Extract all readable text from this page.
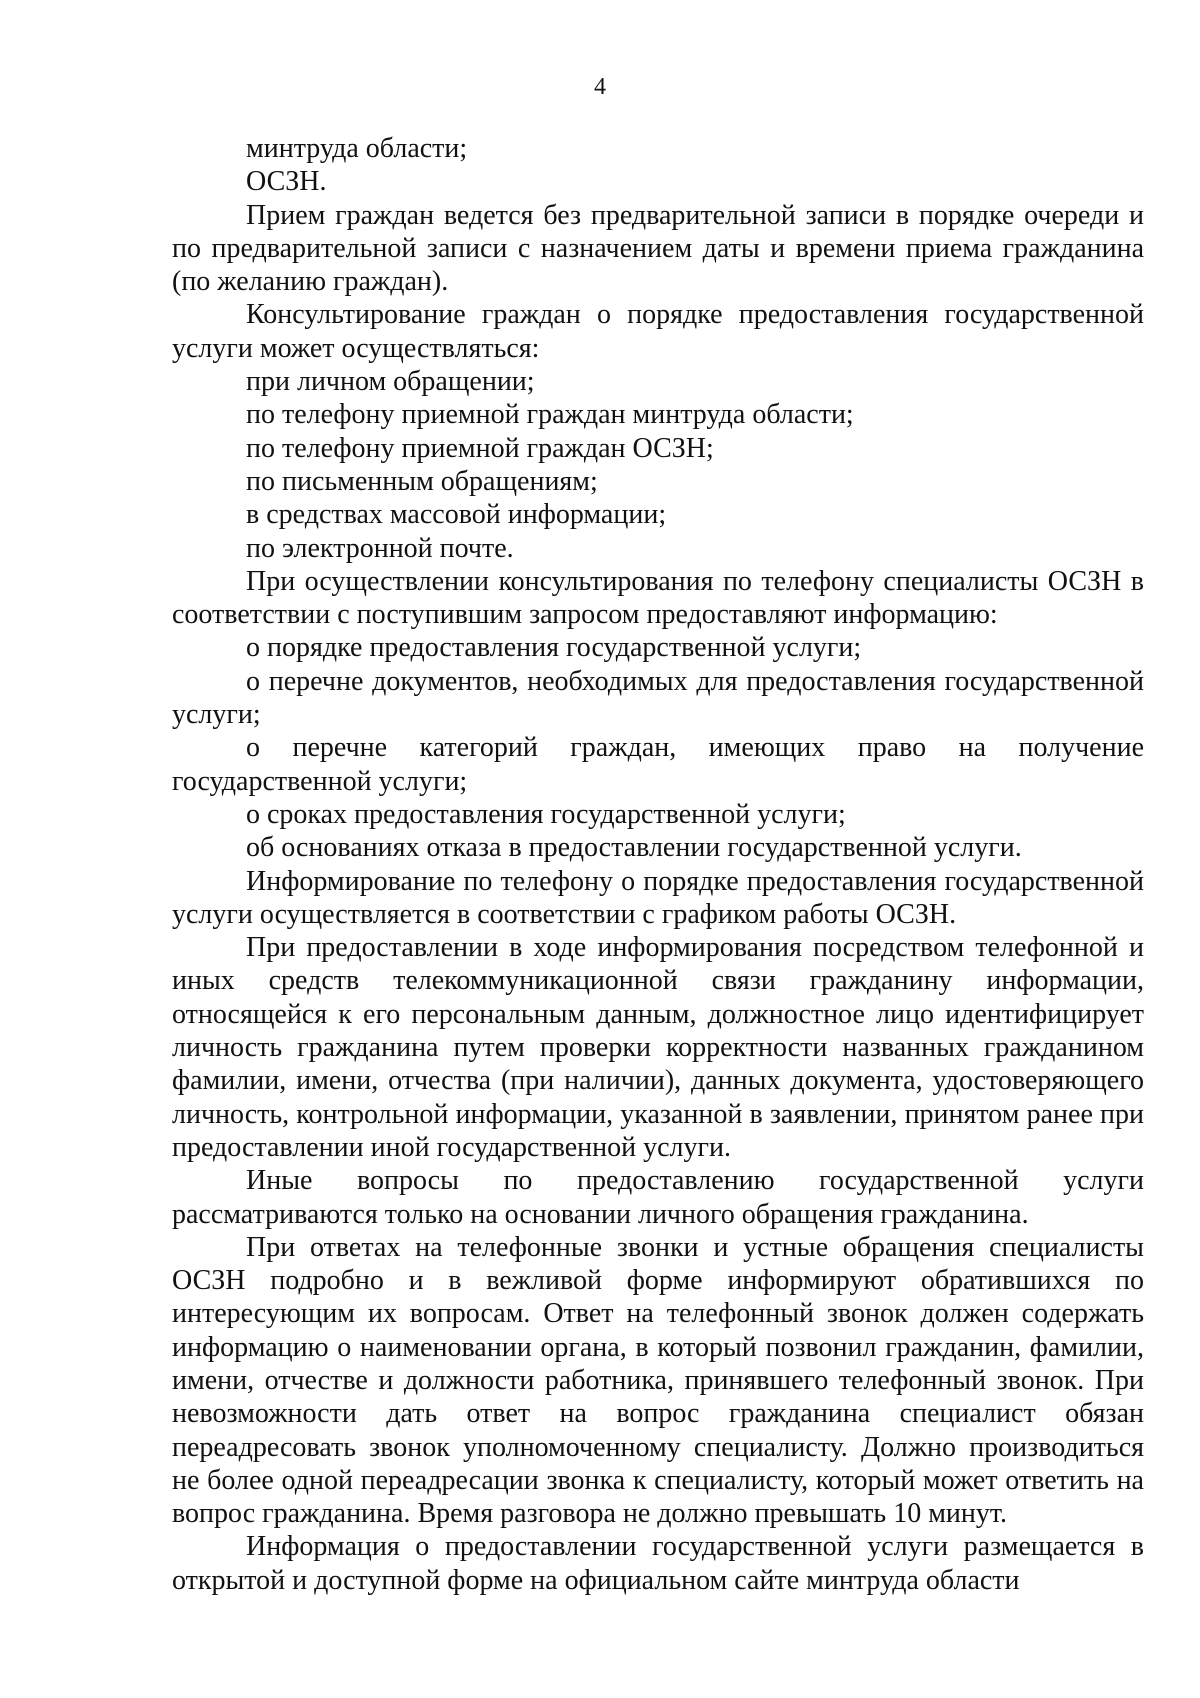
4

минтруда области;

ОСЗН.

Прием граждан ведется без предварительной записи в порядке очереди и по предварительной записи с назначением даты и времени приема гражданина (по желанию граждан).

Консультирование граждан о порядке предоставления государственной услуги может осуществляться:

при личном обращении;

по телефону приемной граждан минтруда области;

по телефону приемной граждан ОСЗН;

по письменным обращениям;

в средствах массовой информации;

по электронной почте.

При осуществлении консультирования по телефону специалисты ОСЗН в соответствии с поступившим запросом предоставляют информацию:

о порядке предоставления государственной услуги;

о перечне документов, необходимых для предоставления государственной услуги;

о перечне категорий граждан, имеющих право на получение государственной услуги;

о сроках предоставления государственной услуги;

об основаниях отказа в предоставлении государственной услуги.

Информирование по телефону о порядке предоставления государственной услуги осуществляется в соответствии с графиком работы ОСЗН.

При предоставлении в ходе информирования посредством телефонной и иных средств телекоммуникационной связи гражданину информации, относящейся к его персональным данным, должностное лицо идентифицирует личность гражданина путем проверки корректности названных гражданином фамилии, имени, отчества (при наличии), данных документа, удостоверяющего личность, контрольной информации, указанной в заявлении, принятом ранее при предоставлении иной государственной услуги.

Иные вопросы по предоставлению государственной услуги рассматриваются только на основании личного обращения гражданина.

При ответах на телефонные звонки и устные обращения специалисты ОСЗН подробно и в вежливой форме информируют обратившихся по интересующим их вопросам. Ответ на телефонный звонок должен содержать информацию о наименовании органа, в который позвонил гражданин, фамилии, имени, отчестве и должности работника, принявшего телефонный звонок. При невозможности дать ответ на вопрос гражданина специалист обязан переадресовать звонок уполномоченному специалисту. Должно производиться не более одной переадресации звонка к специалисту, который может ответить на вопрос гражданина. Время разговора не должно превышать 10 минут.

Информация о предоставлении государственной услуги размещается в открытой и доступной форме на официальном сайте минтруда области
